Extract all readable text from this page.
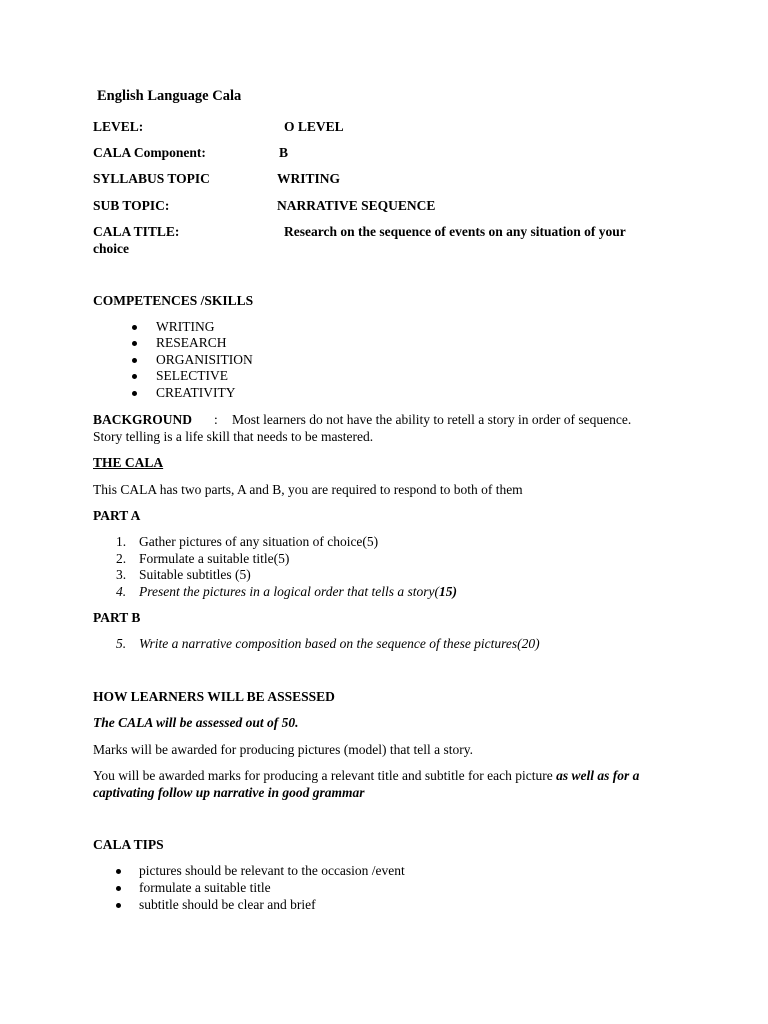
English Language Cala
LEVEL:	O LEVEL
CALA Component:	B
SYLLABUS TOPIC	WRITING
SUB TOPIC:	NARRATIVE SEQUENCE
CALA TITLE:	Research on the sequence of events on any situation of your
choice
COMPETENCES /SKILLS
WRITING
RESEARCH
ORGANISITION
SELECTIVE
CREATIVITY
BACKGROUND : Most learners do not have the ability to retell a story in order of sequence.
Story telling is a life skill that needs to be mastered.
THE CALA
This CALA has two parts, A and B, you are required to respond to both of them
PART A
1. Gather pictures of any situation of choice(5)
2. Formulate a suitable title(5)
3. Suitable subtitles (5)
4. Present the pictures in a logical order that tells a story(15)
PART B
5. Write a narrative composition based on the sequence of these pictures(20)
HOW LEARNERS WILL BE ASSESSED
The CALA will be assessed out of 50.
Marks will be awarded for producing pictures (model) that tell a story.
You will be awarded marks for producing a relevant title and subtitle for each picture as well as for a
captivating follow up narrative in good grammar
CALA TIPS
pictures should be relevant to the occasion /event
formulate a suitable title
subtitle should be clear and brief
